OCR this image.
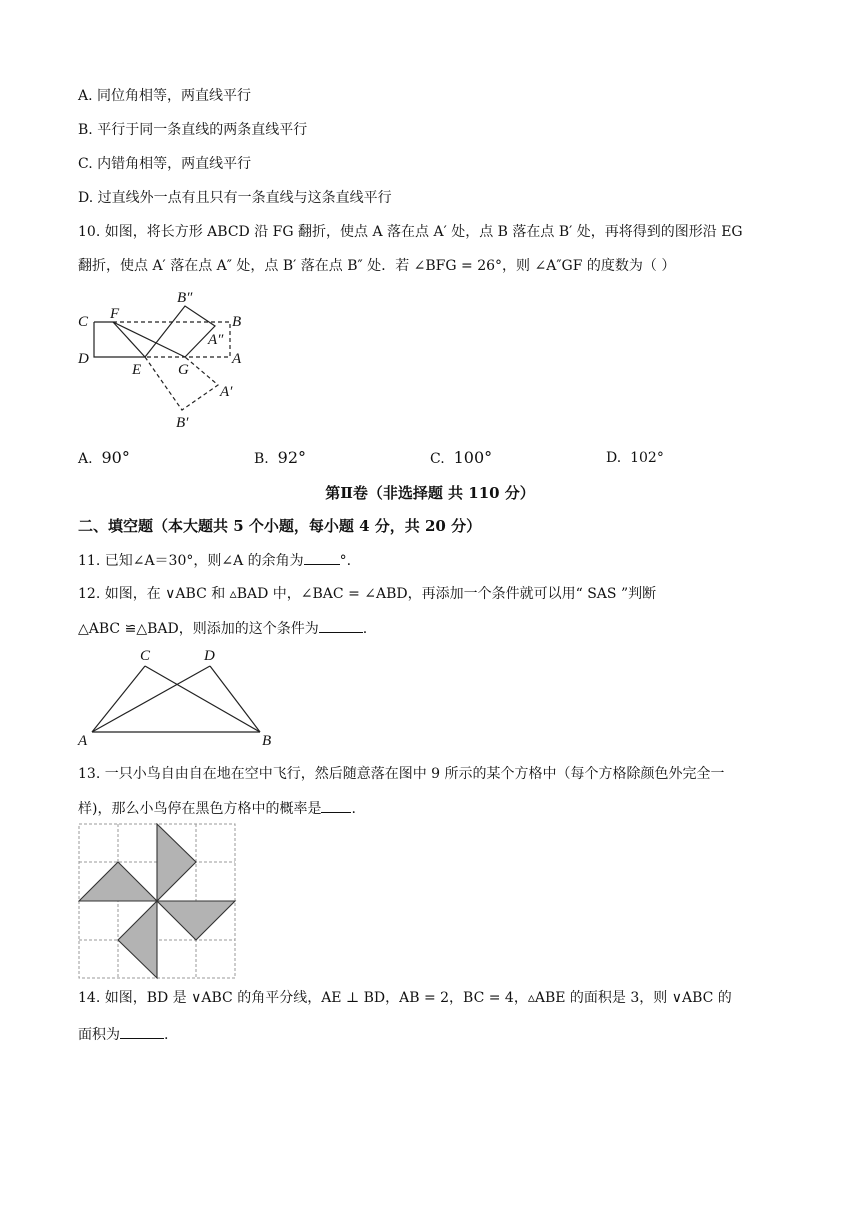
A. 同位角相等，两直线平行
B. 平行于同一条直线的两条直线平行
C. 内错角相等，两直线平行
D. 过直线外一点有且只有一条直线与这条直线平行
10. 如图，将长方形 ABCD 沿 FG 翻折，使点 A 落在点 A′ 处，点 B 落在点 B′ 处，再将得到的图形沿 EG
翻折，使点 A′ 落在点 A″ 处，点 B′ 落在点 B″ 处．若 ∠BFG = 26°，则 ∠A″GF 的度数为（ ）
C F
B″
B
A″
D
E G
A
A′
B′
A. 90°	B. 92°	C. 100°	D. 102°
第Ⅱ卷（非选择题 共 110 分）
二、填空题（本大题共 5 个小题，每小题 4 分，共 20 分）
11. 已知∠A＝30°，则∠A 的余角为	°.
12. 如图，在 ∨ABC 和 ▵BAD 中，∠BAC = ∠ABD，再添加一个条件就可以用“ SAS ”判断
△ABC ≌△BAD，则添加的这个条件为	.
C	D
A	B
13. 一只小鸟自由自在地在空中飞行，然后随意落在图中 9 所示的某个方格中（每个方格除颜色外完全一
样)，那么小鸟停在黑色方格中的概率是 .
14. 如图，BD 是 ∨ABC 的角平分线，AE ⊥ BD，AB = 2，BC = 4，▵ABE 的面积是 3，则 ∨ABC 的
面积为	.
